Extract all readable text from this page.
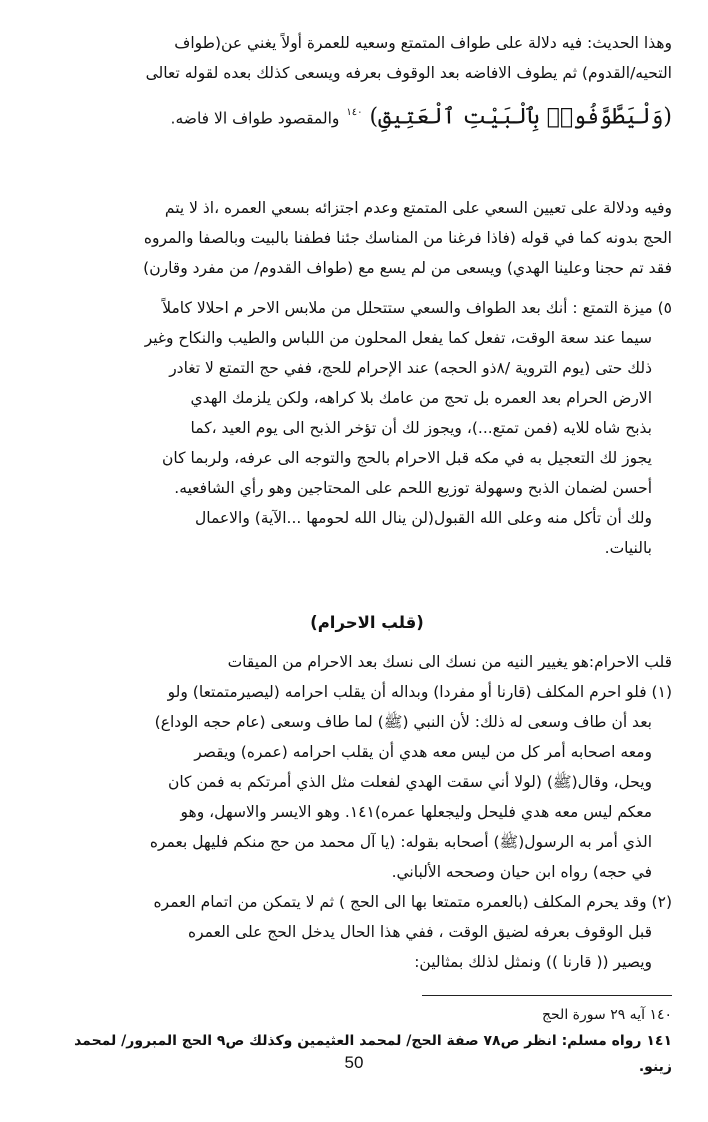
وهذا الحديث: فيه دلالة على طواف المتمتع وسعيه للعمرة أولاً يغني عن(طواف
التحيه/القدوم) ثم يطوف الافاضه بعد الوقوف بعرفه ويسعى كذلك بعده لقوله تعالى
(وَلْيَطَّوَّفُوا۟ بِٱلْبَيْتِ ٱلْعَتِيقِ) $^{١٤٠}$ والمقصود طواف الا فاضه.
وفيه ودلالة على تعيين السعي على المتمتع وعدم اجتزائه بسعي العمره ،اذ لا يتم
الحج بدونه كما في قوله (فاذا فرغنا من المناسك جئنا فطفنا بالبيت وبالصفا والمروه
فقد تم حجنا وعلينا الهدي) ويسعى من لم يسع مع (طواف القدوم/ من مفرد وقارن)
٥) ميزة التمتع : أنك بعد الطواف والسعي ستتحلل من ملابس الاحر م احلالا كاملاً
سيما عند سعة الوقت، تفعل كما يفعل المحلون من اللباس والطيب والنكاح وغير
ذلك حتى (يوم التروية /٨ذو الحجه) عند الإحرام للحج، ففي حج التمتع لا تغادر
الارض الحرام بعد العمره بل تحج من عامك بلا كراهه، ولكن يلزمك الهدي
بذبح شاه للايه (فمن تمتع...)، ويجوز لك أن تؤخر الذبح الى يوم العيد ،كما
يجوز لك التعجيل به في مكه قبل الاحرام بالحج والتوجه الى عرفه، ولربما كان
أحسن لضمان الذبح وسهولة توزيع اللحم على المحتاجين وهو رأي الشافعيه.
ولك أن تأكل منه وعلى الله القبول(لن ينال الله لحومها ...الآية) والاعمال
بالنيات.
(قلب الاحرام)
قلب الاحرام:هو يغيير النيه من نسك الى نسك بعد الاحرام من الميقات
(١) فلو احرم المكلف (قارنا أو مفردا) وبداله أن يقلب احرامه (ليصيرمتمتعا) ولو
بعد أن طاف وسعى له ذلك: لأن النبي (ﷺ) لما طاف وسعى (عام حجه الوداع)
ومعه اصحابه أمر كل من ليس معه هدي أن يقلب احرامه (عمره) ويقصر
ويحل، وقال(ﷺ) (لولا أني سقت الهدي لفعلت مثل الذي أمرتكم به فمن كان
معكم ليس معه هدي فليحل وليجعلها عمره)١٤١. وهو الايسر والاسهل، وهو
الذي أمر به الرسول(ﷺ) أصحابه بقوله: (يا آل محمد من حج منكم فليهل بعمره
في حجه) رواه ابن حيان وصححه الألباني.
(٢) وقد يحرم المكلف (بالعمره متمتعا بها الى الحج ) ثم لا يتمكن من اتمام العمره
قبل الوقوف بعرفه لضيق الوقت ، ففي هذا الحال يدخل الحج على العمره
ويصير (( قارنا )) ونمثل لذلك بمثالين:
١٤٠ آيه ٢٩ سورة الحج
١٤١ رواه مسلم: انظر ص٧٨ صفة الحج/ لمحمد العثيمين وكذلك ص٩ الحج المبرور/ لمحمد
زينو.
50
